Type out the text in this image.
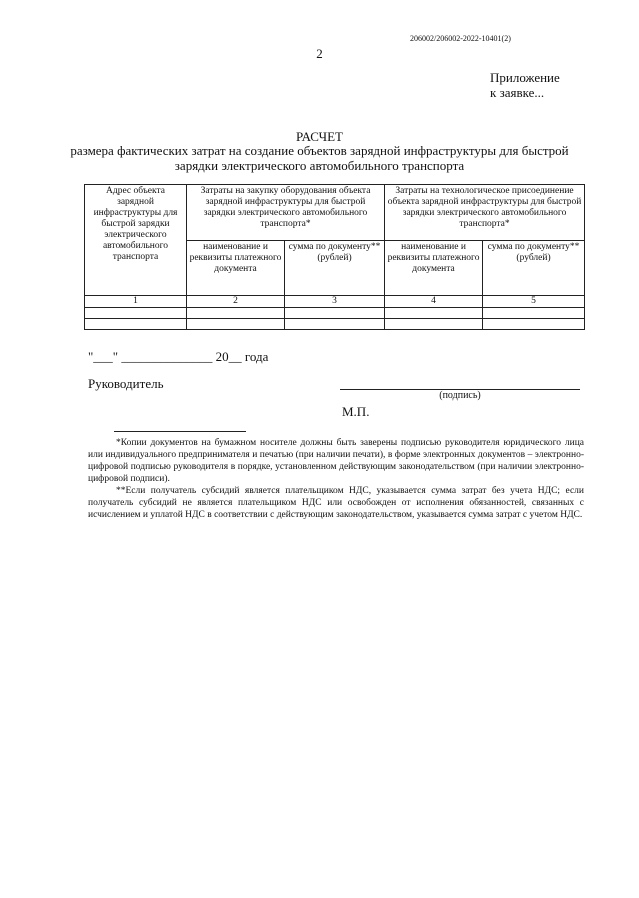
206002/206002-2022-10401(2)
2
Приложение
к заявке...
РАСЧЕТ
размера фактических затрат на создание объектов зарядной инфраструктуры для быстрой зарядки электрического автомобильного транспорта
Адрес объекта зарядной инфраструктуры для быстрой зарядки электрического автомобильного транспорта	Затраты на закупку оборудования объекта зарядной инфраструктуры для быстрой зарядки электрического автомобильного транспорта*		Затраты на технологическое присоединение объекта зарядной инфраструктуры для быстрой зарядки электрического автомобильного транспорта*	
	наименование и реквизиты платежного документа	сумма по документу** (рублей)	наименование и реквизиты платежного документа	сумма по документу** (рублей)
1	2	3	4	5

"___" ______________ 20__ года
Руководитель
(подпись)
М.П.

*Копии документов на бумажном носителе должны быть заверены подписью руководителя юридического лица или индивидуального предпринимателя и печатью (при наличии печати), в форме электронных документов – электронно-цифровой подписью руководителя в порядке, установленном действующим законодательством (при наличии электронно-цифровой подписи).

**Если получатель субсидий является плательщиком НДС, указывается сумма затрат без учета НДС; если получатель субсидий не является плательщиком НДС или освобожден от исполнения обязанностей, связанных с исчислением и уплатой НДС в соответствии с действующим законодательством, указывается сумма затрат с учетом НДС.
